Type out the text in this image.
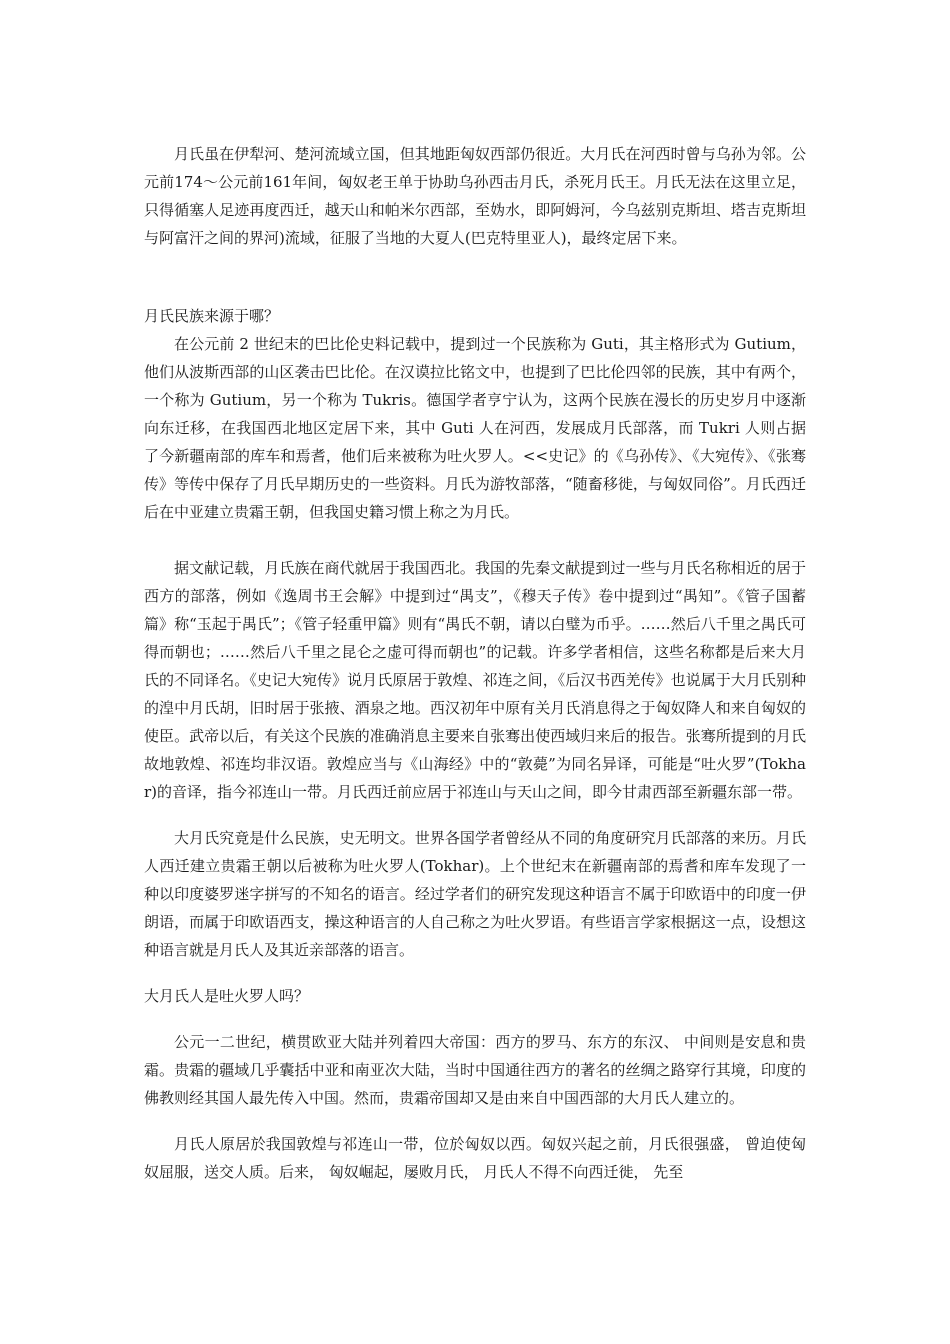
月氏虽在伊犁河、楚河流域立国，但其地距匈奴西部仍很近。大月氏在河西时曾与乌孙为邻。公元前174～公元前161年间，匈奴老王单于协助乌孙西击月氏，杀死月氏王。月氏无法在这里立足，只得循塞人足迹再度西迁，越天山和帕米尔西部，至妫水，即阿姆河，今乌兹别克斯坦、塔吉克斯坦与阿富汗之间的界河)流域，征服了当地的大夏人(巴克特里亚人)，最终定居下来。

月氏民族来源于哪？

在公元前 2 世纪末的巴比伦史料记载中，提到过一个民族称为 Guti，其主格形式为 Gutium，他们从波斯西部的山区袭击巴比伦。在汉谟拉比铭文中，也提到了巴比伦四邻的民族，其中有两个，一个称为 Gutium，另一个称为 Tukris。德国学者亨宁认为，这两个民族在漫长的历史岁月中逐渐向东迁移，在我国西北地区定居下来，其中 Guti 人在河西，发展成月氏部落，而 Tukri 人则占据了今新疆南部的库车和焉耆，他们后来被称为吐火罗人。<<史记》的《乌孙传》、《大宛传》、《张骞传》等传中保存了月氏早期历史的一些资料。月氏为游牧部落，“随畜移徙，与匈奴同俗”。月氏西迁后在中亚建立贵霜王朝，但我国史籍习惯上称之为月氏。

据文献记载，月氏族在商代就居于我国西北。我国的先秦文献提到过一些与月氏名称相近的居于西方的部落，例如《逸周书王会解》中提到过“禺支”，《穆天子传》卷中提到过“禺知”。《管子国蓄篇》称“玉起于禺氏”；《管子轻重甲篇》则有“禺氏不朝，请以白璧为币乎。……然后八千里之禺氏可得而朝也；……然后八千里之昆仑之虚可得而朝也”的记载。许多学者相信，这些名称都是后来大月氏的不同译名。《史记大宛传》说月氏原居于敦煌、祁连之间，《后汉书西羌传》也说属于大月氏别种的湟中月氏胡，旧时居于张掖、酒泉之地。西汉初年中原有关月氏消息得之于匈奴降人和来自匈奴的使臣。武帝以后，有关这个民族的准确消息主要来自张骞出使西域归来后的报告。张骞所提到的月氏故地敦煌、祁连均非汉语。敦煌应当与《山海经》中的“敦薨”为同名异译，可能是“吐火罗”(Tokhar)的音译，指今祁连山一带。月氏西迁前应居于祁连山与天山之间，即今甘肃西部至新疆东部一带。

大月氏究竟是什么民族，史无明文。世界各国学者曾经从不同的角度研究月氏部落的来历。月氏人西迁建立贵霜王朝以后被称为吐火罗人(Tokhar)。上个世纪末在新疆南部的焉耆和库车发现了一种以印度婆罗迷字拼写的不知名的语言。经过学者们的研究发现这种语言不属于印欧语中的印度一伊朗语，而属于印欧语西支，操这种语言的人自己称之为吐火罗语。有些语言学家根据这一点，设想这种语言就是月氏人及其近亲部落的语言。

大月氏人是吐火罗人吗？

公元一二世纪，横贯欧亚大陆并列着四大帝国：西方的罗马、东方的东汉、 中间则是安息和贵霜。贵霜的疆域几乎囊括中亚和南亚次大陆，当时中国通往西方的著名的丝绸之路穿行其境，印度的佛教则经其国人最先传入中国。然而，贵霜帝国却又是由来自中国西部的大月氏人建立的。

月氏人原居於我国敦煌与祁连山一带，位於匈奴以西。匈奴兴起之前，月氏很强盛， 曾迫使匈奴屈服，送交人质。后来， 匈奴崛起，屡败月氏， 月氏人不得不向西迁徙， 先至
